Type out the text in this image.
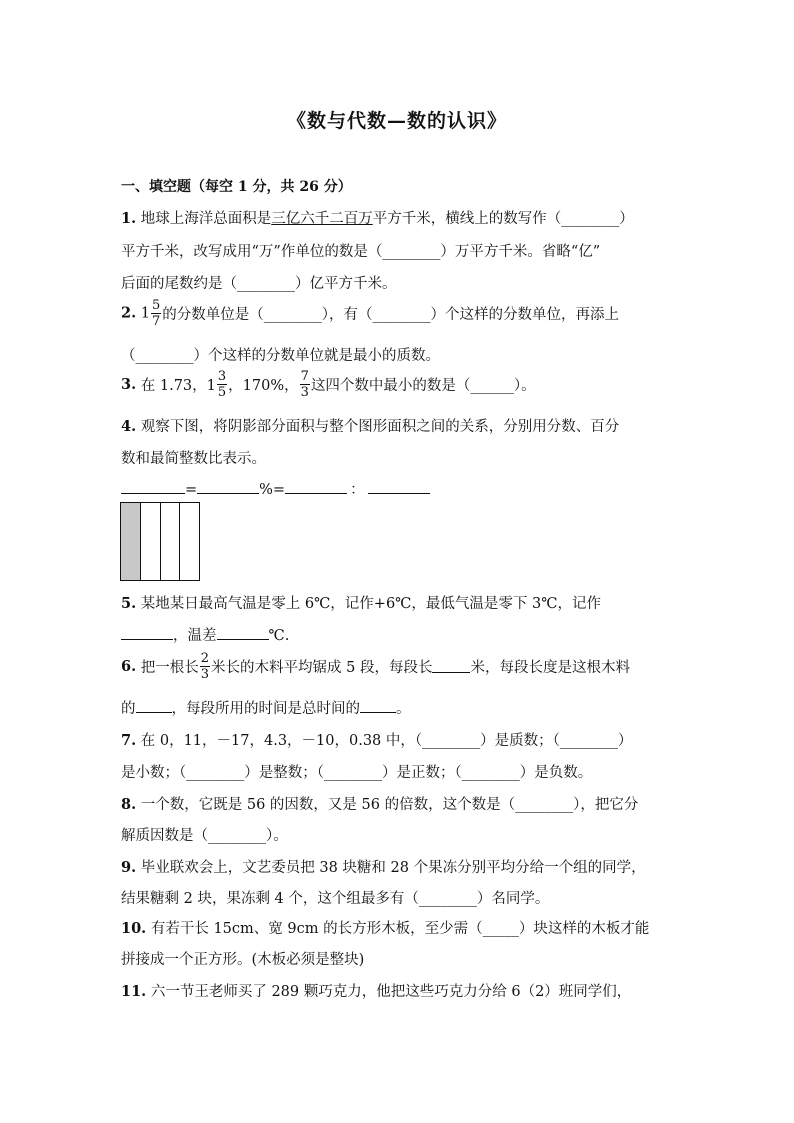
《数与代数—数的认识》
一、填空题（每空 1 分，共 26 分）
1. 地球上海洋总面积是三亿六千二百万平方千米，横线上的数写作（________）
平方千米，改写成用“万”作单位的数是（________）万平方千米。省略“亿”
后面的尾数约是（________）亿平方千米。
2. $1 \frac{5}{7}$ 的分数单位是（________），有（________）个这样的分数单位，再添上
（________）个这样的分数单位就是最小的质数。
3. 在 1.73，$1 \frac{3}{5}$ ，170%， $\frac{7}{3}$ 这四个数中最小的数是（______）。
4. 观察下图，将阴影部分面积与整个图形面积之间的关系，分别用分数、百分
数和最简整数比表示。
=	%=	：
5. 某地某日最高气温是零上 6℃，记作+6℃，最低气温是零下 3℃，记作
，温差	℃.
6. 把一根长 $\frac{2}{3}$ 米长的木料平均锯成 5 段，每段长	米，每段长度是这根木料
的 ，每段所用的时间是总时间的 。
7. 在 0，11，－17，4.3，－10，0.38 中，（________）是质数；（________）
是小数；（________）是整数；（________）是正数；（________）是负数。
8. 一个数，它既是 56 的因数，又是 56 的倍数，这个数是（________），把它分
解质因数是（________）。
9. 毕业联欢会上，文艺委员把 38 块糖和 28 个果冻分别平均分给一个组的同学，
结果糖剩 2 块，果冻剩 4 个，这个组最多有（________）名同学。
10. 有若干长 15cm、宽 9cm 的长方形木板，至少需（_____）块这样的木板才能
拼接成一个正方形。(木板必须是整块)
11. 六一节王老师买了 289 颗巧克力，他把这些巧克力分给 6（2）班同学们，
